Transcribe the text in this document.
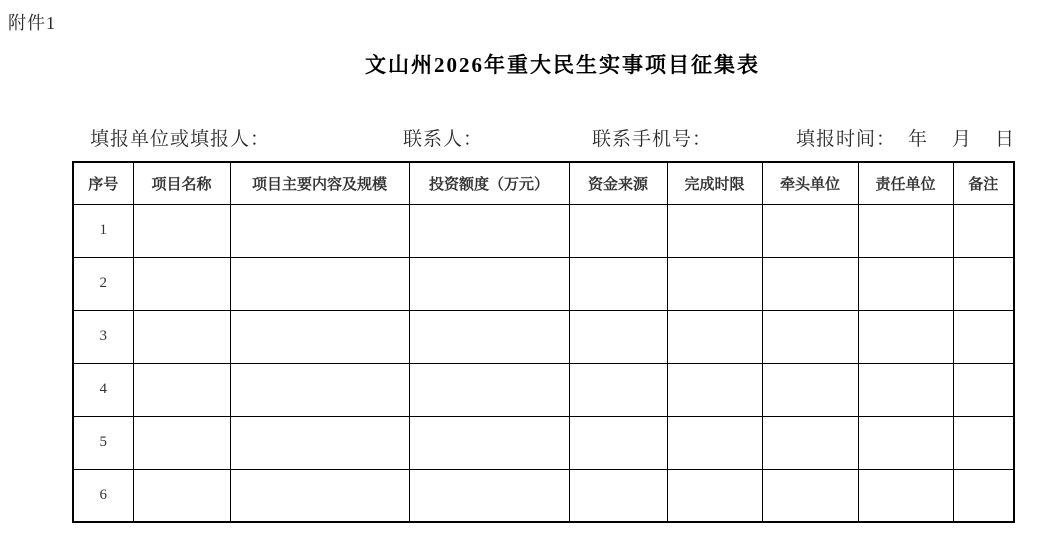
附件1
文山州2026年重大民生实事项目征集表
填报单位或填报人：	联系人：	联系手机号：	填报时间： 年 月 日
序号	项目名称	项目主要内容及规模	投资额度（万元）	资金来源	完成时限	牵头单位	责任单位	备注
1								
2								
3								
4								
5								
6								
